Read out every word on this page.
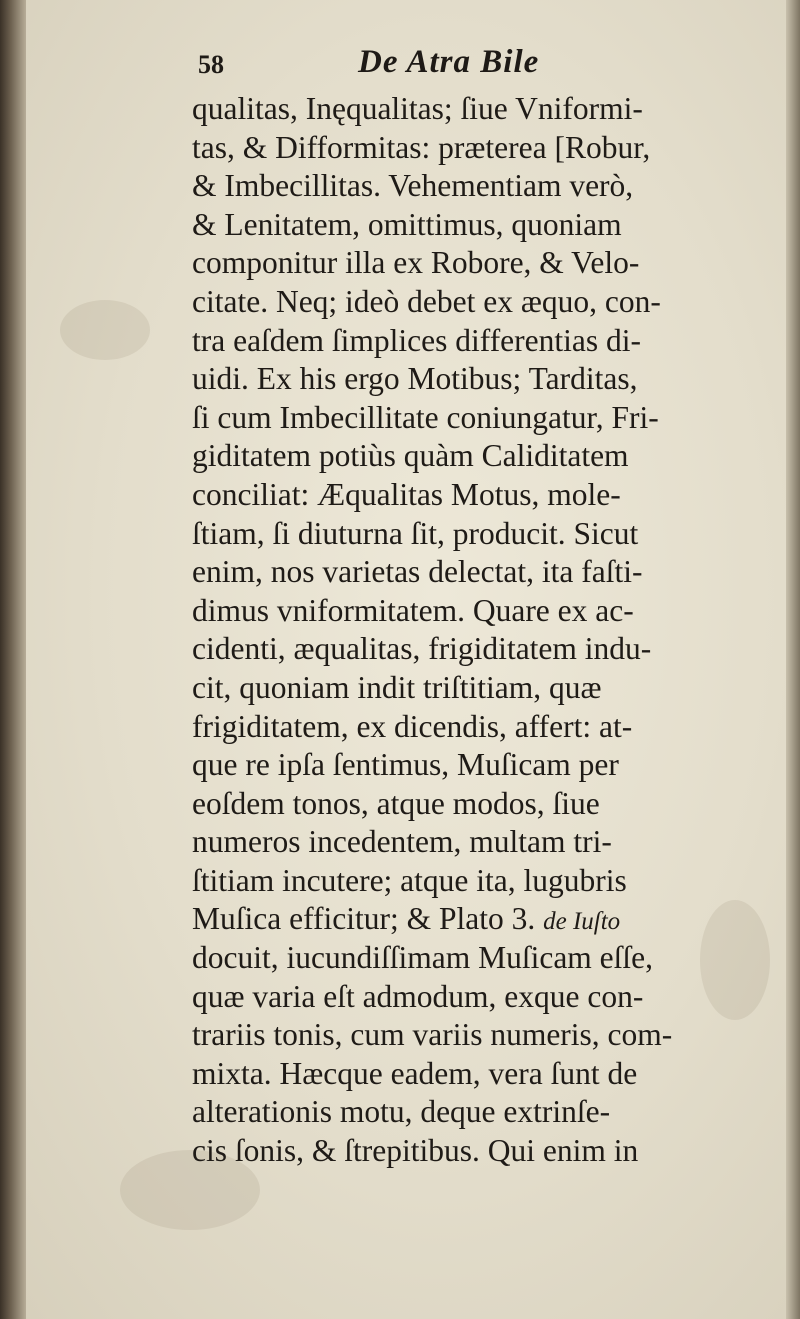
58	De Atra Bile
qualitas, Inęqualitas; ſiue Vniformi-
tas, & Difformitas: præterea [Robur,
& Imbecillitas. Vehementiam verò,
& Lenitatem, omittimus, quoniam
componitur illa ex Robore, & Velo-
citate. Neq; ideò debet ex æquo, con-
tra eaſdem ſimplices differentias di-
uidi. Ex his ergo Motibus; Tarditas,
ſi cum Imbecillitate coniungatur, Fri-
giditatem potiùs quàm Caliditatem
conciliat: Æqualitas Motus, mole-
ſtiam, ſi diuturna ſit, producit. Sicut
enim, nos varietas delectat, ita faſti-
dimus vniformitatem. Quare ex ac-
cidenti, æqualitas, frigiditatem indu-
cit, quoniam indit triſtitiam, quæ
frigiditatem, ex dicendis, affert: at-
que re ipſa ſentimus, Muſicam per
eoſdem tonos, atque modos, ſiue
numeros incedentem, multam tri-
ſtitiam incutere; atque ita, lugubris
Muſica efficitur; & Plato 3. de Iuſto
docuit, iucundiſſimam Muſicam eſſe,
quæ varia eſt admodum, exque con-
trariis tonis, cum variis numeris, com-
mixta. Hæcque eadem, vera ſunt de
alterationis motu, deque extrinſe-
cis ſonis, & ſtrepitibus. Qui enim in
